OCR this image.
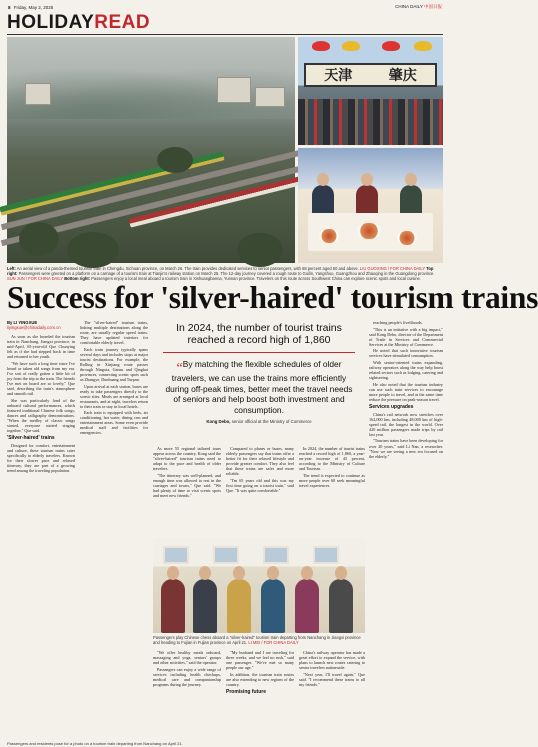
8 Friday, May 2, 2025	CHINA DAILY 中国日报
HOLIDAYREAD
天津	肇庆
Left: An aerial view of a panda-themed tourism train in Chengdu, Sichuan province, on March 26. The train provides dedicated services to senior passengers, with 68 percent aged 60 and above. LIU GUOXING / FOR CHINA DAILY Top right: Passengers were greeted on a platform on a carriage of a tourism train at Tianjin's railway station on March 25. The 12-day journey covered a rough route to Guilin, Yangshuo, Guangzhou and Zhaoqing in the Guangdong province. SUN JUN / FOR CHINA DAILY Bottom right: Passengers enjoy a local meal aboard a tourism train in Xishuangbanna, Yunnan province. Travelers on this route across Southwest China can explore scenic spots and local cuisine.
Success for 'silver-haired' tourism trains

By LI YINGXUE
liyingxue@chinadaily.com.cn

As soon as she boarded the tourism train in Nanchang, Jiangxi province, in mid-April, 65-year-old Que Chunying felt as if she had stepped back in time and returned to her youth.

"We have such a long time since I've heard or taken old songs from my era. I've sort of really gotten a little bit of joy from the trip to the train. The friends I've met on board are so lovely," Que said, describing the train's atmosphere and smooth rail.

She was particularly fond of the onboard cultural performances, which featured traditional Chinese folk songs, dances and calligraphy demonstrations. "When the medley of classic songs started, everyone started singing together," Que said.

'Silver-haired' trains

Designed for comfort, entertainment and culture, these tourism trains cater specifically to elderly travelers. Known for their slower pace and relaxed itinerary, they are part of a growing trend among the traveling population.

The "silver-haired" tourism trains, linking multiple destinations along the route, are usually regular speed trains. They have updated interiors for comfortable elderly travel.

Each train journey typically spans several days and includes stops at major tourist destinations. For example, the Rolling in Xinjiang route passes through Ningxia, Gansu and Qinghai provinces, connecting scenic spots such as Zhangye, Dunhuang and Turpan.

Upon arrival at each station, buses are ready to take passengers directly to the scenic sites. Meals are arranged at local restaurants, and at night, travelers return to their train or stay in local hotels.

Each train is equipped with beds, air conditioning, hot water, dining cars and entertainment areas. Some even provide medical staff and facilities for emergencies.

In 2024, the number of tourist trains reached a record high of 1,860
“By matching the flexible schedules of older travelers, we can use the trains more efficiently during off-peak times, better meet the travel needs of seniors and help boost both investment and consumption.
Kong Debo, senior official at the Ministry of Commerce

As more 55 regional tailored tours appear across the country, Kong said the "silver-haired" tourism trains need to adapt to the pace and health of older travelers.

"The itinerary was well-planned, and enough time was allowed to rest in the carriages and towns," Que said. "We had plenty of time to visit scenic spots and meet new friends."

Compared to planes or buses, many elderly passengers say that trains offer a better fit for their relaxed lifestyle and provide greater comfort. They also feel that these trains are safer and more reliable.

"I'm 65 years old and this was my first time going on a tourist train," said Que. "It was quite comfortable."

In 2024, the number of tourist trains reached a record high of 1,860, a year-on-year increase of 43 percent, according to the Ministry of Culture and Tourism.

The trend is expected to continue as more people over 60 seek meaningful travel experiences.

Passengers play Chinese chess aboard a "silver-haired" tourism train departing from Nanchang in Jiangxi province and heading to Fujian in Fujian province on April 21. LI MEI / FOR CHINA DAILY

"We offer healthy meals onboard, massaging and yoga, seniors' groups and other activities," said the operator.

Passengers can enjoy a wide range of services including health checkups, medical care and companionship programs during the journey.

"My husband and I are traveling for three weeks, and we feel no rush," said one passenger. "We've met so many people our age."

In addition, the tourism train routes are also extending to new regions of the country.

Promising future

China's railway operator has made a great effort to expand the service, with plans to launch new routes catering to senior travelers nationwide.

"Next year, I'll travel again," Que said. "I recommend these trains to all my friends."

reaching people's livelihoods.

"This is an initiative with a big impact," said Kong Debo, director of the Department of Trade in Services and Commercial Services at the Ministry of Commerce.

He noted that such innovative tourism services have stimulated consumption.

With senior-oriented trains expanding, railway operators along the way help boost related sectors such as lodging, catering and sightseeing.

He also noted that the tourism industry can use such train services to encourage more people to travel, and at the same time reduce the pressure on peak-season travel.

Services upgrades

China's rail network now stretches over 162,000 km, including 48,000 km of high-speed rail, the longest in the world. Over 420 million passengers made trips by rail last year.

"Tourism trains have been developing for over 20 years," said Li Nan, a researcher. "Now we are seeing a new era focused on the elderly."

Passengers and residents pose for a photo on a tourism train departing from Nanchang on April 21.
